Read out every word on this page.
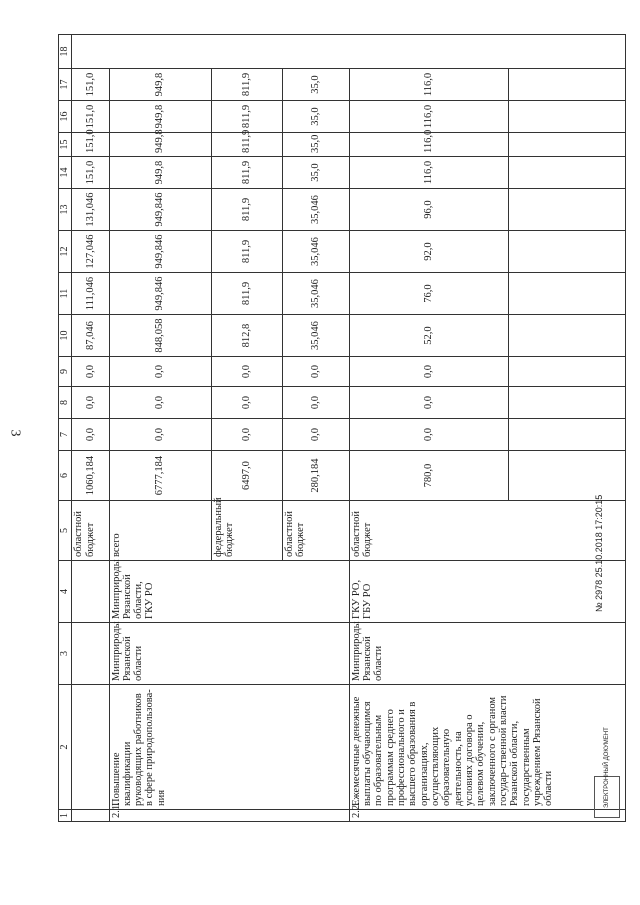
3
1	2	3	4	5	6	7	8	9	10	11	12	13	14	15	16	17	18
				областной бюджет	1060,184	0,0	0,0	0,0	87,046	111,046	127,046	131,046	151,0	151,0	151,0	151,0	
2.1.	Повышение квалификации руководящих работников в сфере природопользова-ния	Минприроды Рязанской области	Минприроды Рязанской области, ГКУ РО	всего	6777,184	0,0	0,0	0,0	848,058	949,846	949,846	949,846	949,8	949,8	949,8	949,8	
				федеральный бюджет	6497,0	0,0	0,0	0,0	812,8	811,9	811,9	811,9	811,9	811,9	811,9	811,9	
				областной бюджет	280,184	0,0	0,0	0,0	35,046	35,046	35,046	35,046	35,0	35,0	35,0	35,0	
2.2.	Ежемесячные денежные выплаты обучающимся по образовательным программам среднего профессионального и высшего образования в организациях, осуществляющих образовательную деятельность, на условиях договора о целевом обучении, заключенного с органом государ-ственной власти Рязанской области, государственным учреждением Рязанской области	Минприроды Рязанской области	ГКУ РО, ГБУ РО	областной бюджет	780,0	0,0	0,0	0,0	52,0	76,0	92,0	96,0	116,0	116,0	116,0	116,0	

№ 2978 25.10.2018 17:20:15
ЭЛЕКТРОННЫЙ ДОКУМЕНТ
